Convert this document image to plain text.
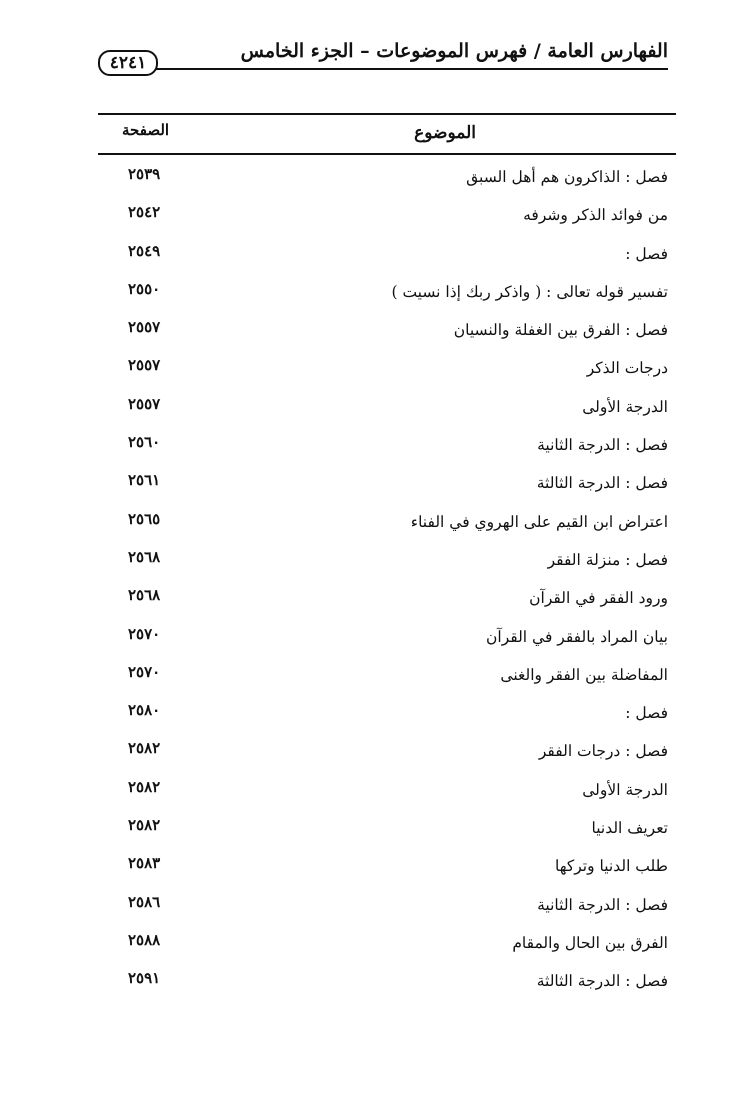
الفهارس العامة / فهرس الموضوعات – الجزء الخامس
٤٢٤١
الموضوع
الصفحة
فصل : الذاكرون هم أهل السبق
٢٥٣٩
من فوائد الذكر وشرفه
٢٥٤٢
فصل :
٢٥٤٩
تفسير قوله تعالى : ( واذكر ربك إذا نسيت )
٢٥٥٠
فصل : الفرق بين الغفلة والنسيان
٢٥٥٧
درجات الذكر
٢٥٥٧
الدرجة الأولى
٢٥٥٧
فصل : الدرجة الثانية
٢٥٦٠
فصل : الدرجة الثالثة
٢٥٦١
اعتراض ابن القيم على الهروي في الفناء
٢٥٦٥
فصل : منزلة الفقر
٢٥٦٨
ورود الفقر في القرآن
٢٥٦٨
بيان المراد بالفقر في القرآن
٢٥٧٠
المفاضلة بين الفقر والغنى
٢٥٧٠
فصل :
٢٥٨٠
فصل : درجات الفقر
٢٥٨٢
الدرجة الأولى
٢٥٨٢
تعريف الدنيا
٢٥٨٢
طلب الدنيا وتركها
٢٥٨٣
فصل : الدرجة الثانية
٢٥٨٦
الفرق بين الحال والمقام
٢٥٨٨
فصل : الدرجة الثالثة
٢٥٩١
